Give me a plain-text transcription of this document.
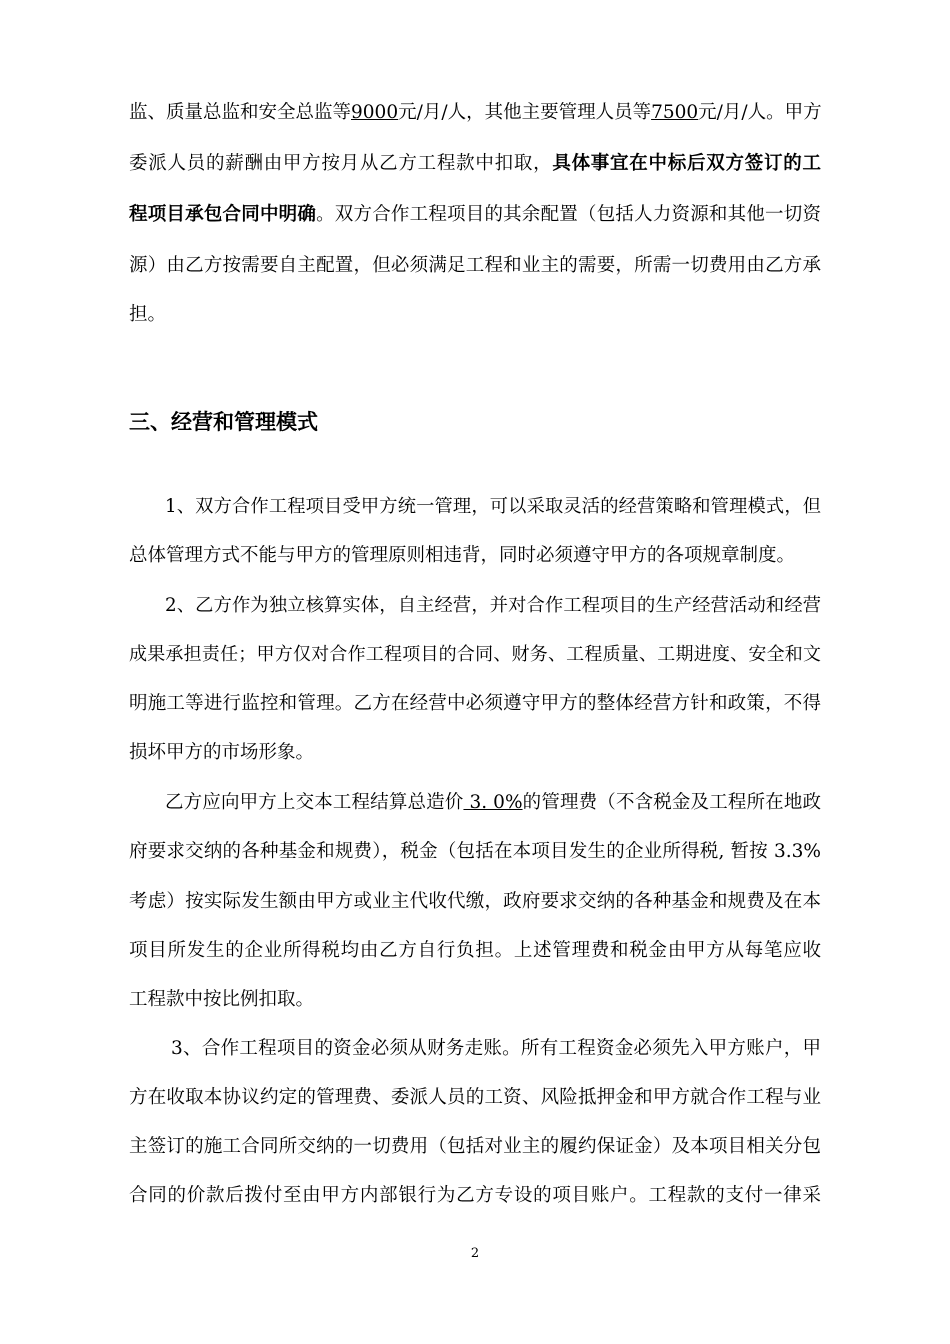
监、质量总监和安全总监等9000元/月/人，其他主要管理人员等7500元/月/人。甲方
委派人员的薪酬由甲方按月从乙方工程款中扣取，具体事宜在中标后双方签订的工
程项目承包合同中明确。双方合作工程项目的其余配置（包括人力资源和其他一切资
源）由乙方按需要自主配置，但必须满足工程和业主的需要，所需一切费用由乙方承
担。
三、经营和管理模式
1、双方合作工程项目受甲方统一管理，可以采取灵活的经营策略和管理模式，但
总体管理方式不能与甲方的管理原则相违背，同时必须遵守甲方的各项规章制度。
2、乙方作为独立核算实体，自主经营，并对合作工程项目的生产经营活动和经营
成果承担责任；甲方仅对合作工程项目的合同、财务、工程质量、工期进度、安全和文
明施工等进行监控和管理。乙方在经营中必须遵守甲方的整体经营方针和政策，不得
损坏甲方的市场形象。
乙方应向甲方上交本工程结算总造价 3. 0%的管理费（不含税金及工程所在地政
府要求交纳的各种基金和规费），税金（包括在本项目发生的企业所得税, 暂按 3.3%
考虑）按实际发生额由甲方或业主代收代缴，政府要求交纳的各种基金和规费及在本
项目所发生的企业所得税均由乙方自行负担。上述管理费和税金由甲方从每笔应收
工程款中按比例扣取。
3、合作工程项目的资金必须从财务走账。所有工程资金必须先入甲方账户，甲
方在收取本协议约定的管理费、委派人员的工资、风险抵押金和甲方就合作工程与业
主签订的施工合同所交纳的一切费用（包括对业主的履约保证金）及本项目相关分包
合同的价款后拨付至由甲方内部银行为乙方专设的项目账户。工程款的支付一律采
2
